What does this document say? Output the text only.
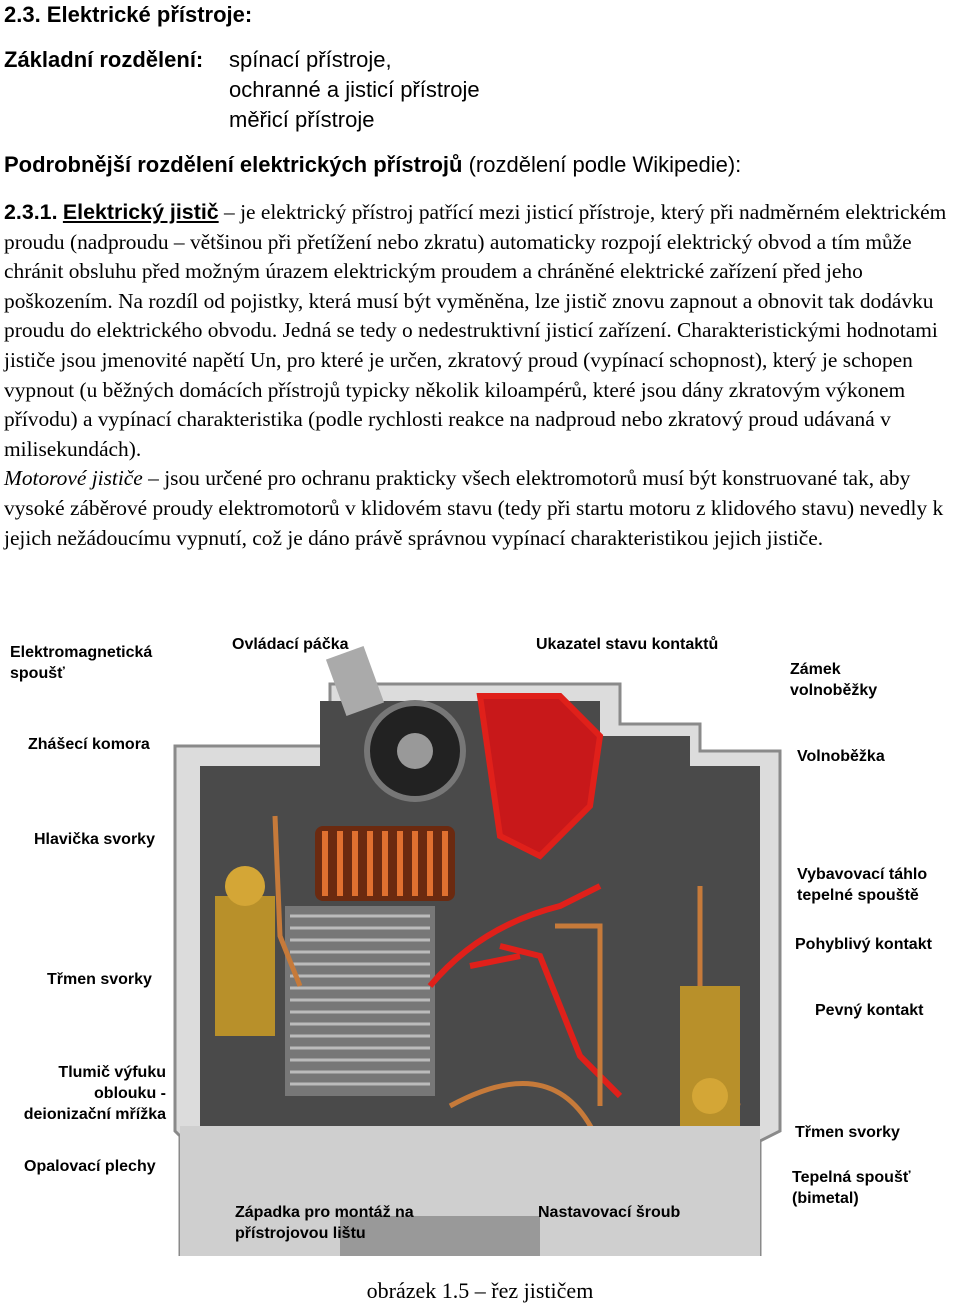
2.3. Elektrické přístroje:
Základní rozdělení: spínací přístroje,
ochranné a jisticí přístroje
měřicí přístroje
Podrobnější rozdělení elektrických přístrojů (rozdělení podle Wikipedie):
2.3.1. Elektrický jistič – je elektrický přístroj patřící mezi jisticí přístroje, který při nadměrném elektrickém proudu (nadproudu – většinou při přetížení nebo zkratu) automaticky rozpojí elektrický obvod a tím může chránit obsluhu před možným úrazem elektrickým proudem a chráněné elektrické zařízení před jeho poškozením. Na rozdíl od pojistky, která musí být vyměněna, lze jistič znovu zapnout a obnovit tak dodávku proudu do elektrického obvodu. Jedná se tedy o nedestruktivní jisticí zařízení. Charakteristickými hodnotami jističe jsou jmenovité napětí Un, pro které je určen, zkratový proud (vypínací schopnost), který je schopen vypnout (u běžných domácích přístrojů typicky několik kiloampérů, které jsou dány zkratovým výkonem přívodu) a vypínací charakteristika (podle rychlosti reakce na nadproud nebo zkratový proud udávaná v milisekundách).
Motorové jističe – jsou určené pro ochranu prakticky všech elektromotorů musí být konstruované tak, aby vysoké záběrové proudy elektromotorů v klidovém stavu (tedy při startu motoru z klidového stavu) nevedly k jejich nežádoucímu vypnutí, což je dáno právě správnou vypínací charakteristikou jejich jističe.
Elektromagnetická spoušť
Ovládací páčka	Ukazatel stavu kontaktů
Zámek volnoběžky
Zhášecí komora
Volnoběžka
Hlavička svorky
Vybavovací táhlo tepelné spouště
Pohyblivý kontakt
Třmen svorky
Pevný kontakt
Tlumič výfuku oblouku -deionizační mřížka
Třmen svorky
Opalovací plechy
Tepelná spoušť (bimetal)
Západka pro montáž na přístrojovou lištu
Nastavovací šroub
obrázek 1.5 – řez jističem
